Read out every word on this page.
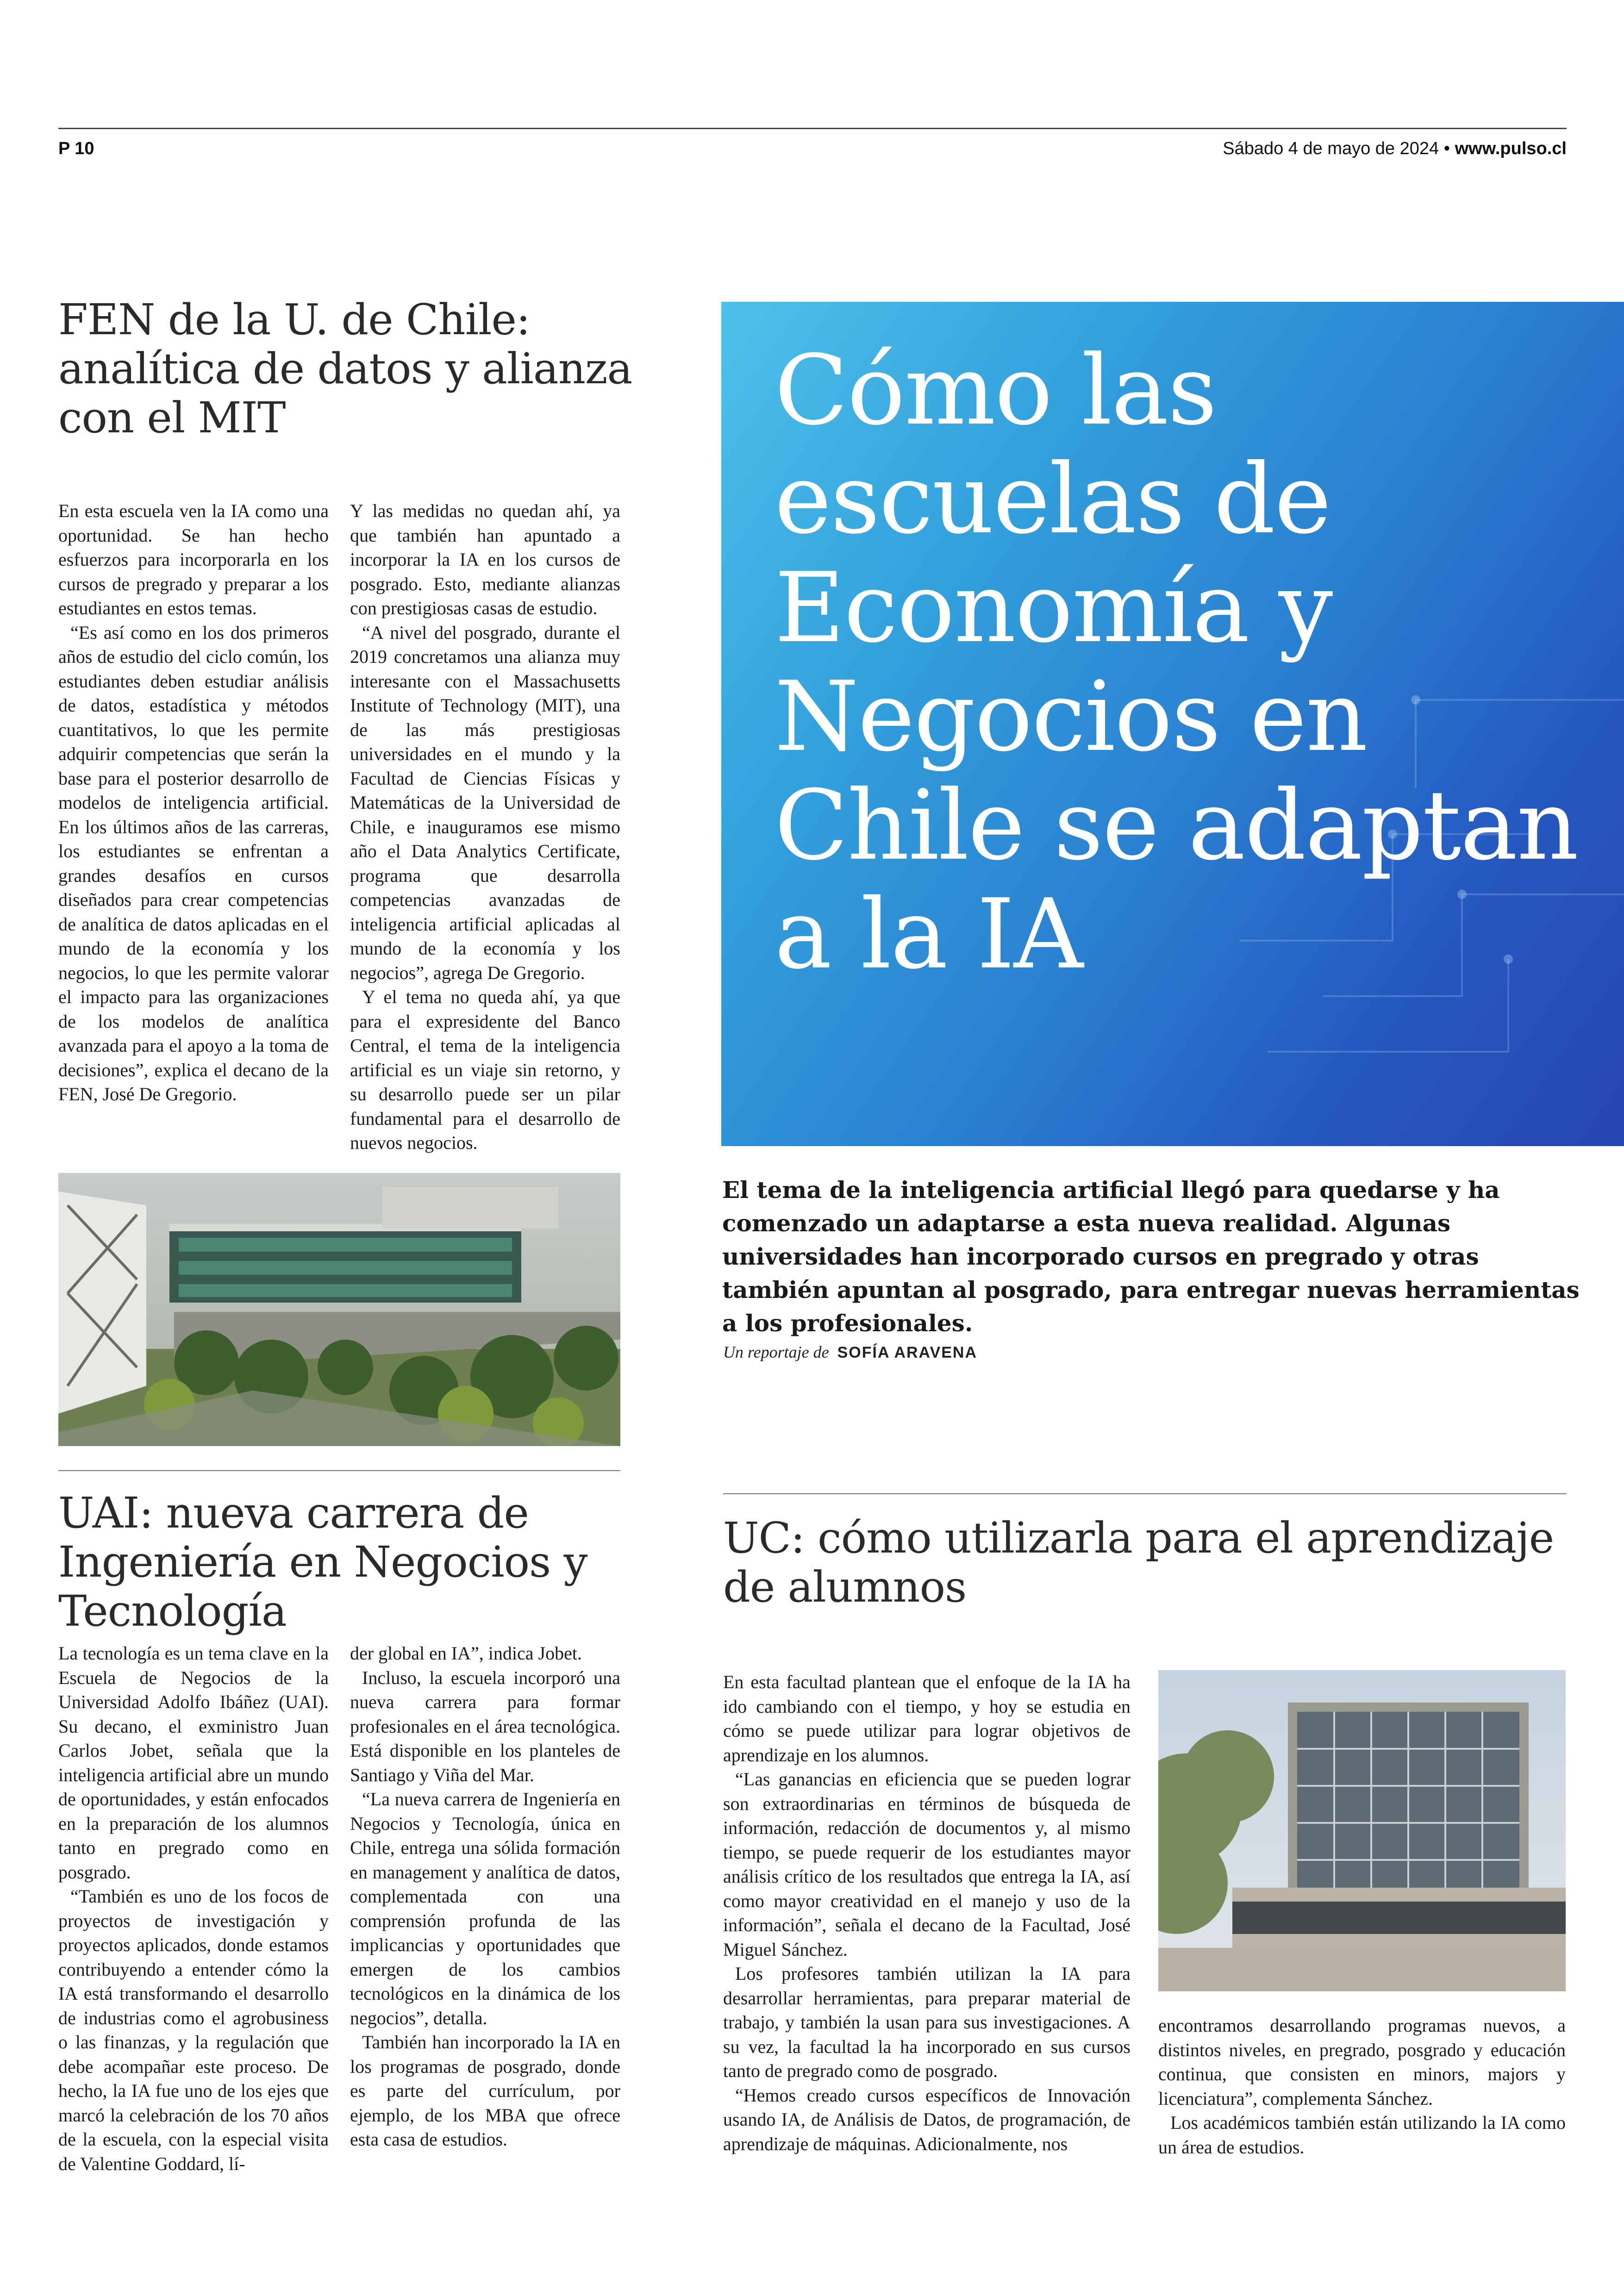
P 10	Sábado 4 de mayo de 2024 • www.pulso.cl
FEN de la U. de Chile: analítica de datos y alianza con el MIT

En esta escuela ven la IA como una oportunidad. Se han hecho esfuerzos para incorporarla en los cursos de pregrado y preparar a los estudiantes en estos temas.

“Es así como en los dos primeros años de estudio del ciclo común, los estudiantes deben estudiar análisis de datos, estadística y métodos cuantitativos, lo que les permite adquirir competencias que serán la base para el posterior desarrollo de modelos de inteligencia artificial. En los últimos años de las carreras, los estudiantes se enfrentan a grandes desafíos en cursos diseñados para crear competencias de analítica de datos aplicadas en el mundo de la economía y los negocios, lo que les permite valorar el impacto para las organizaciones de los modelos de analítica avanzada para el apoyo a la toma de decisiones”, explica el decano de la FEN, José De Gregorio.

Y las medidas no quedan ahí, ya que también han apuntado a incorporar la IA en los cursos de posgrado. Esto, mediante alianzas con prestigiosas casas de estudio.

“A nivel del posgrado, durante el 2019 concretamos una alianza muy interesante con el Massachusetts Institute of Technology (MIT), una de las más prestigiosas universidades en el mundo y la Facultad de Ciencias Físicas y Matemáticas de la Universidad de Chile, e inauguramos ese mismo año el Data Analytics Certificate, programa que desarrolla competencias avanzadas de inteligencia artificial aplicadas al mundo de la economía y los negocios”, agrega De Gregorio.

Y el tema no queda ahí, ya que para el expresidente del Banco Central, el tema de la inteligencia artificial es un viaje sin retorno, y su desarrollo puede ser un pilar fundamental para el desarrollo de nuevos negocios.

Cómo las escuelas de Economía y Negocios en Chile se adaptan a la IA
El tema de la inteligencia artificial llegó para quedarse y ha comenzado un adaptarse a esta nueva realidad. Algunas universidades han incorporado cursos en pregrado y otras también apuntan al posgrado, para entregar nuevas herramientas a los profesionales.
Un reportaje de SOFÍA ARAVENA
UAI: nueva carrera de Ingeniería en Negocios y Tecnología

La tecnología es un tema clave en la Escuela de Negocios de la Universidad Adolfo Ibáñez (UAI). Su decano, el exministro Juan Carlos Jobet, señala que la inteligencia artificial abre un mundo de oportunidades, y están enfocados en la preparación de los alumnos tanto en pregrado como en posgrado.

“También es uno de los focos de proyectos de investigación y proyectos aplicados, donde estamos contribuyendo a entender cómo la IA está transformando el desarrollo de industrias como el agrobusiness o las finanzas, y la regulación que debe acompañar este proceso. De hecho, la IA fue uno de los ejes que marcó la celebración de los 70 años de la escuela, con la especial visita de Valentine Goddard, lí-

der global en IA”, indica Jobet.

Incluso, la escuela incorporó una nueva carrera para formar profesionales en el área tecnológica. Está disponible en los planteles de Santiago y Viña del Mar.

“La nueva carrera de Ingeniería en Negocios y Tecnología, única en Chile, entrega una sólida formación en management y analítica de datos, complementada con una comprensión profunda de las implicancias y oportunidades que emergen de los cambios tecnológicos en la dinámica de los negocios”, detalla.

También han incorporado la IA en los programas de posgrado, donde es parte del currículum, por ejemplo, de los MBA que ofrece esta casa de estudios.

UC: cómo utilizarla para el aprendizaje de alumnos

En esta facultad plantean que el enfoque de la IA ha ido cambiando con el tiempo, y hoy se estudia en cómo se puede utilizar para lograr objetivos de aprendizaje en los alumnos.

“Las ganancias en eficiencia que se pueden lograr son extraordinarias en términos de búsqueda de información, redacción de documentos y, al mismo tiempo, se puede requerir de los estudiantes mayor análisis crítico de los resultados que entrega la IA, así como mayor creatividad en el manejo y uso de la información”, señala el decano de la Facultad, José Miguel Sánchez.

Los profesores también utilizan la IA para desarrollar herramientas, para preparar material de trabajo, y también la usan para sus investigaciones. A su vez, la facultad la ha incorporado en sus cursos tanto de pregrado como de posgrado.

“Hemos creado cursos específicos de Innovación usando IA, de Análisis de Datos, de programación, de aprendizaje de máquinas. Adicionalmente, nos

encontramos desarrollando programas nuevos, a distintos niveles, en pregrado, posgrado y educación continua, que consisten en minors, majors y licenciatura”, complementa Sánchez.

Los académicos también están utilizando la IA como un área de estudios.
